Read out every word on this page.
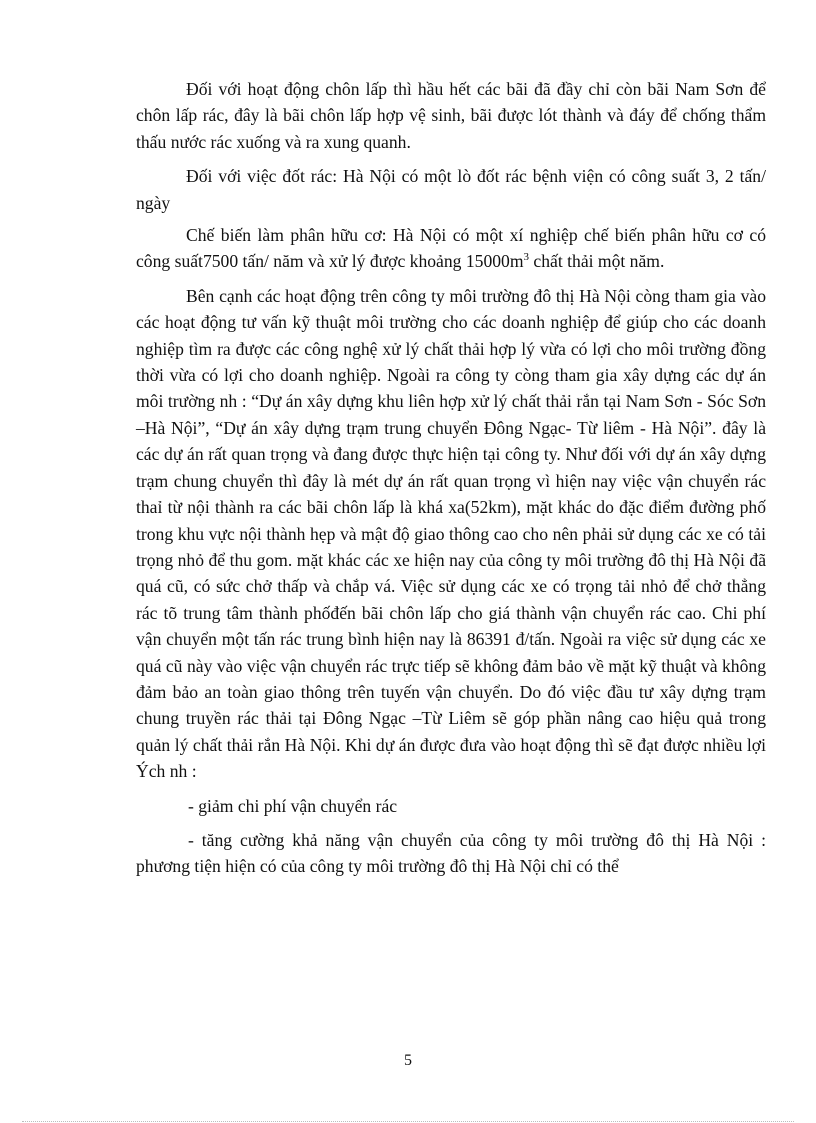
Đối với hoạt động chôn lấp thì hầu hết các bãi đã đầy chỉ còn bãi Nam Sơn để chôn lấp rác, đây là bãi chôn lấp hợp vệ sinh, bãi được lót thành và đáy để chống thẩm thấu nước rác xuống và ra xung quanh.

Đối với việc đốt rác: Hà Nội có một lò đốt rác bệnh viện có công suất 3, 2 tấn/ ngày

Chế biến làm phân hữu cơ: Hà Nội có một xí nghiệp chế biến phân hữu cơ có công suất7500 tấn/ năm và xử lý được khoảng $15000m^3$ chất thải một năm.

Bên cạnh các hoạt động trên công ty môi trường đô thị Hà Nội còng tham gia vào các hoạt động tư vấn kỹ thuật môi trường cho các doanh nghiệp để giúp cho các doanh nghiệp tìm ra được các công nghệ xử lý chất thải hợp lý vừa có lợi cho môi trường đồng thời vừa có lợi cho doanh nghiệp. Ngoài ra công ty còng tham gia xây dựng các dự án môi trường nh : “Dự án xây dựng khu liên hợp xử lý chất thải rắn tại Nam Sơn - Sóc Sơn –Hà Nội”, “Dự án xây dựng trạm trung chuyển Đông Ngạc- Từ liêm - Hà Nội”. đây là các dự án rất quan trọng và đang được thực hiện tại công ty. Như đối với dự án xây dựng trạm chung chuyển thì đây là mét dự án rất quan trọng vì hiện nay việc vận chuyển rác thaỉ từ nội thành ra các bãi chôn lấp là khá xa(52km), mặt khác do đặc điểm đường phố trong khu vực nội thành hẹp và mật độ giao thông cao cho nên phải sử dụng các xe có tải trọng nhỏ để thu gom. mặt khác các xe hiện nay của công ty môi trường đô thị Hà Nội đã quá cũ, có sức chở thấp và chắp vá. Việc sử dụng các xe có trọng tải nhỏ để chở thẳng rác tõ trung tâm thành phốđến bãi chôn lấp cho giá thành vận chuyển rác cao. Chi phí vận chuyển một tấn rác trung bình hiện nay là 86391 đ/tấn. Ngoài ra việc sử dụng các xe quá cũ này vào việc vận chuyển rác trực tiếp sẽ không đảm bảo về mặt kỹ thuật và không đảm bảo an toàn giao thông trên tuyến vận chuyển. Do đó việc đầu tư xây dựng trạm chung truyền rác thải tại Đông Ngạc –Từ Liêm sẽ góp phần nâng cao hiệu quả trong quản lý chất thải rắn Hà Nội. Khi dự án được đưa vào hoạt động thì sẽ đạt được nhiều lợi Ých nh :

- giảm chi phí vận chuyển rác

- tăng cường khả năng vận chuyển của công ty môi trường đô thị Hà Nội : phương tiện hiện có của công ty môi trường đô thị Hà Nội chỉ có thể

5
